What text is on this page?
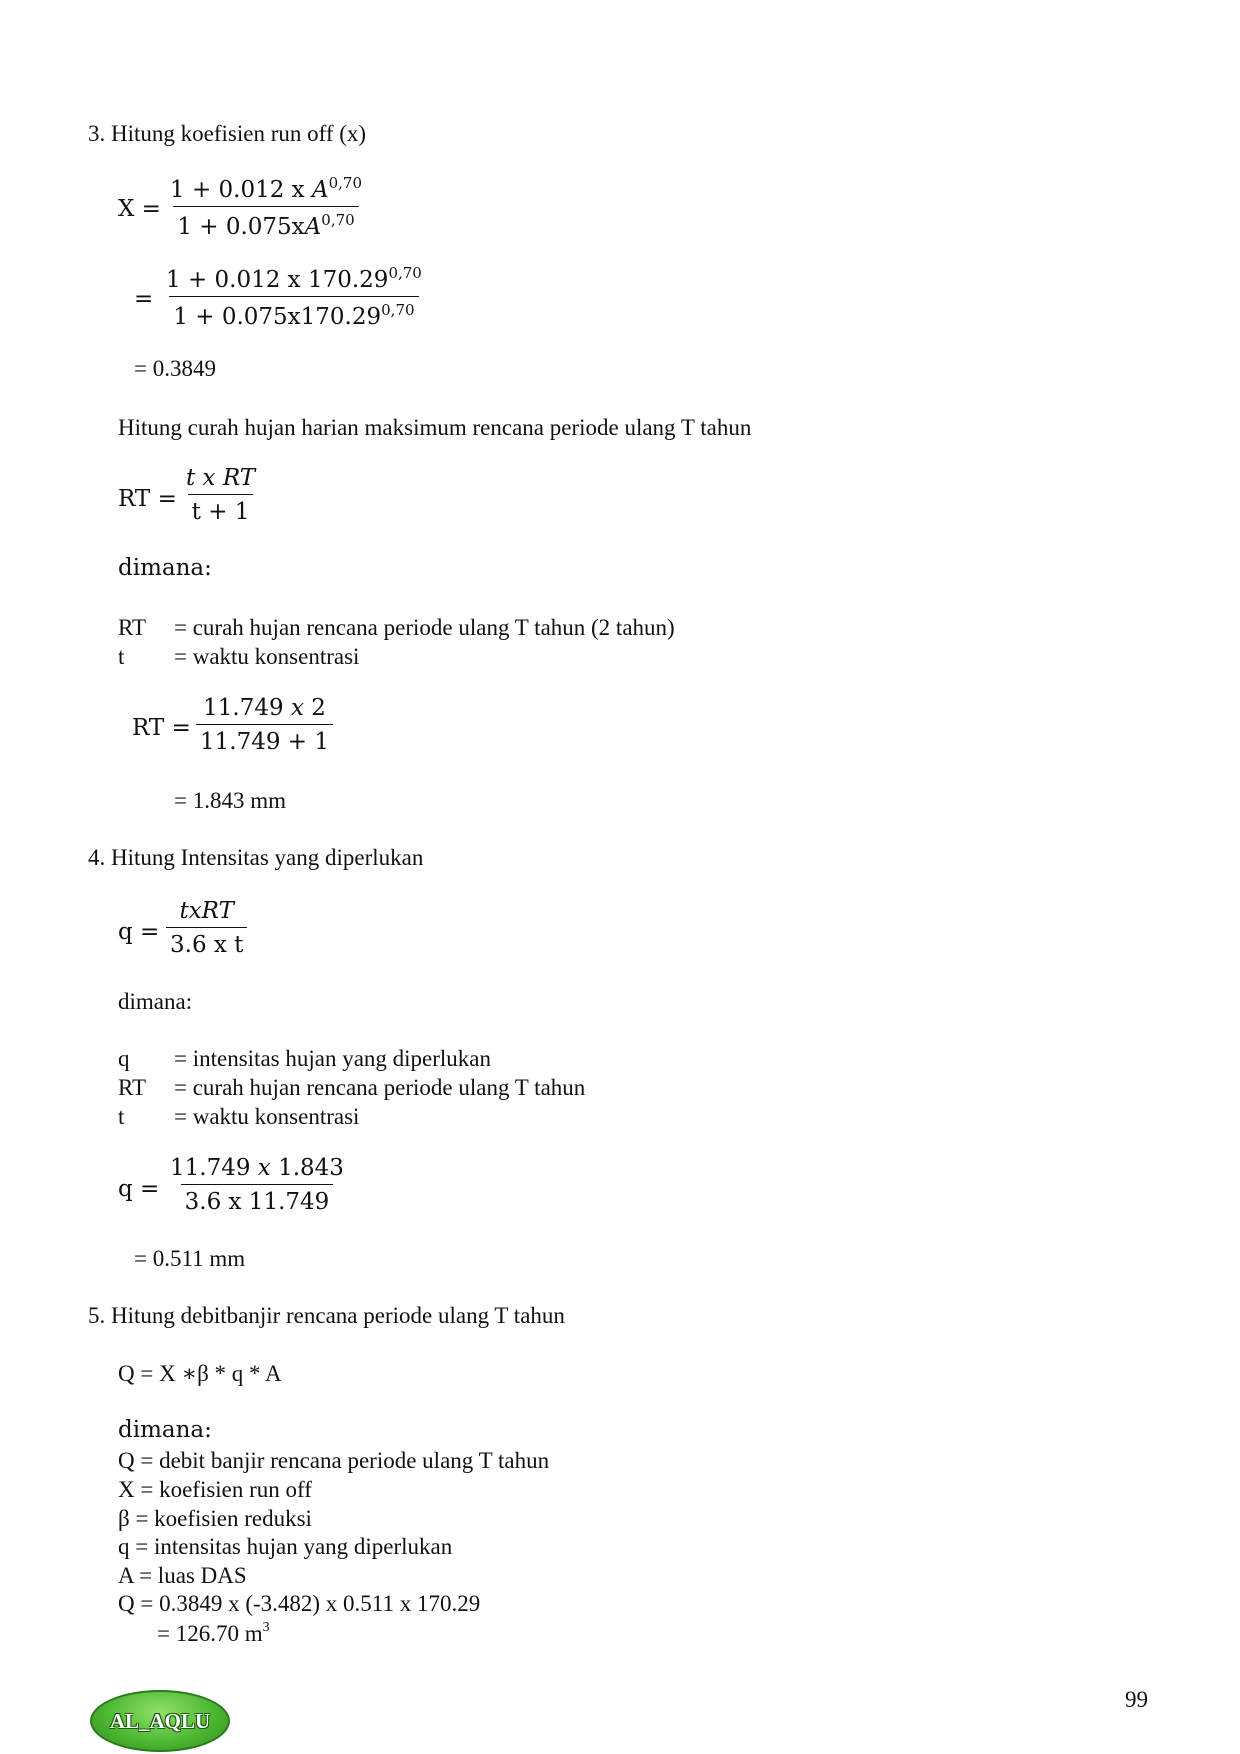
3. Hitung koefisien run off (x)
$X = \frac{1 + 0.012 x A^{0,70}}{1 + 0.075xA^{0,70}}$
= $\frac{1 + 0.012 x 170.29^{0,70}}{1 + 0.075x170.29^{0,70}}$
= 0.3849
Hitung curah hujan harian maksimum rencana periode ulang T tahun
RT = $\frac{\text{t x RT}}{t + 1}$
dimana:
RT = curah hujan rencana periode ulang T tahun (2 tahun)
t = waktu konsentrasi
RT = $\frac{11.749 x 2}{11.749 + 1}$
= 1.843 mm
4. Hitung Intensitas yang diperlukan
q =
txRT
3.6 x t
dimana:
q = intensitas hujan yang diperlukan
RT = curah hujan rencana periode ulang T tahun
t = waktu konsentrasi
$q = \frac{11.749 x 1.843}{3.6 x 11.749}$
= 0.511 mm
5. Hitung debitbanjir rencana periode ulang T tahun
Q = X ∗β * q * A
dimana:
Q = debit banjir rencana periode ulang T tahun
X = koefisien run off
β = koefisien reduksi
q = intensitas hujan yang diperlukan
A = luas DAS
Q = 0.3849 x (-3.482) x 0.511 x 170.29
= 126.70 $m^3$
99
AL_AQLU
